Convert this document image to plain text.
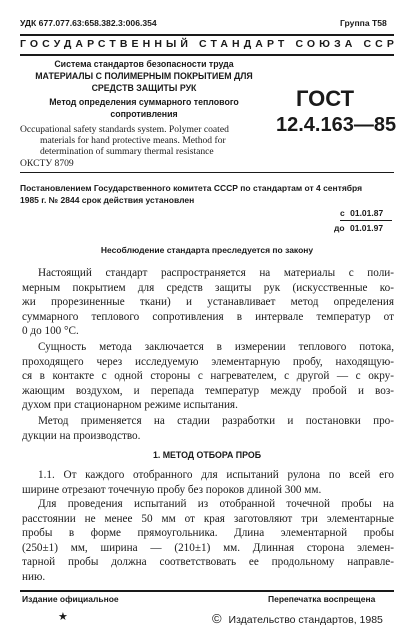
УДК 677.077.63:658.382.3:006.354	Группа Т58
ГОСУДАРСТВЕННЫЙ СТАНДАРТ СОЮЗА ССР
Система стандартов безопасности труда
МАТЕРИАЛЫ С ПОЛИМЕРНЫМ ПОКРЫТИЕМ ДЛЯ
СРЕДСТВ ЗАЩИТЫ РУК
Метод определения суммарного теплового
сопротивления
ГОСТ
12.4.163—85
Occupational safety standards system. Polymer coated
materials for hand protective means. Method for
determination of summary thermal resistance
ОКСТУ 8709
Постановлением Государственного комитета СССР по стандартам от 4 сентября
1985 г. № 2844 срок действия установлен
с 01.01.87
до 01.01.97
Несоблюдение стандарта преследуется по закону
Настоящий стандарт распространяется на материалы с поли-
мерным покрытием для средств защиты рук (искусственные ко-
жи прорезиненные ткани) и устанавливает метод определения
суммарного теплового сопротивления в интервале температур от
0 до 100 °С.
Сущность метода заключается в измерении теплового потока,
проходящего через исследуемую элементарную пробу, находящую-
ся в контакте с одной стороны с нагревателем, с другой — с окру-
жающим воздухом, и перепада температур между пробой и воз-
духом при стационарном режиме испытания.
Метод применяется на стадии разработки и постановки про-
дукции на производство.
1. МЕТОД ОТБОРА ПРОБ
1.1. От каждого отобранного для испытаний рулона по всей его
ширине отрезают точечную пробу без пороков длиной 300 мм.
Для проведения испытаний из отобранной точечной пробы на
расстоянии не менее 50 мм от края заготовляют три элементарные
пробы в форме прямоугольника. Длина элементарной пробы
(250±1) мм, ширина — (210±1) мм. Длинная сторона элемен-
тарной пробы должна соответствовать ее продольному направле-
нию.
Издание официальное	Перепечатка воспрещена
★	© Издательство стандартов, 1985
